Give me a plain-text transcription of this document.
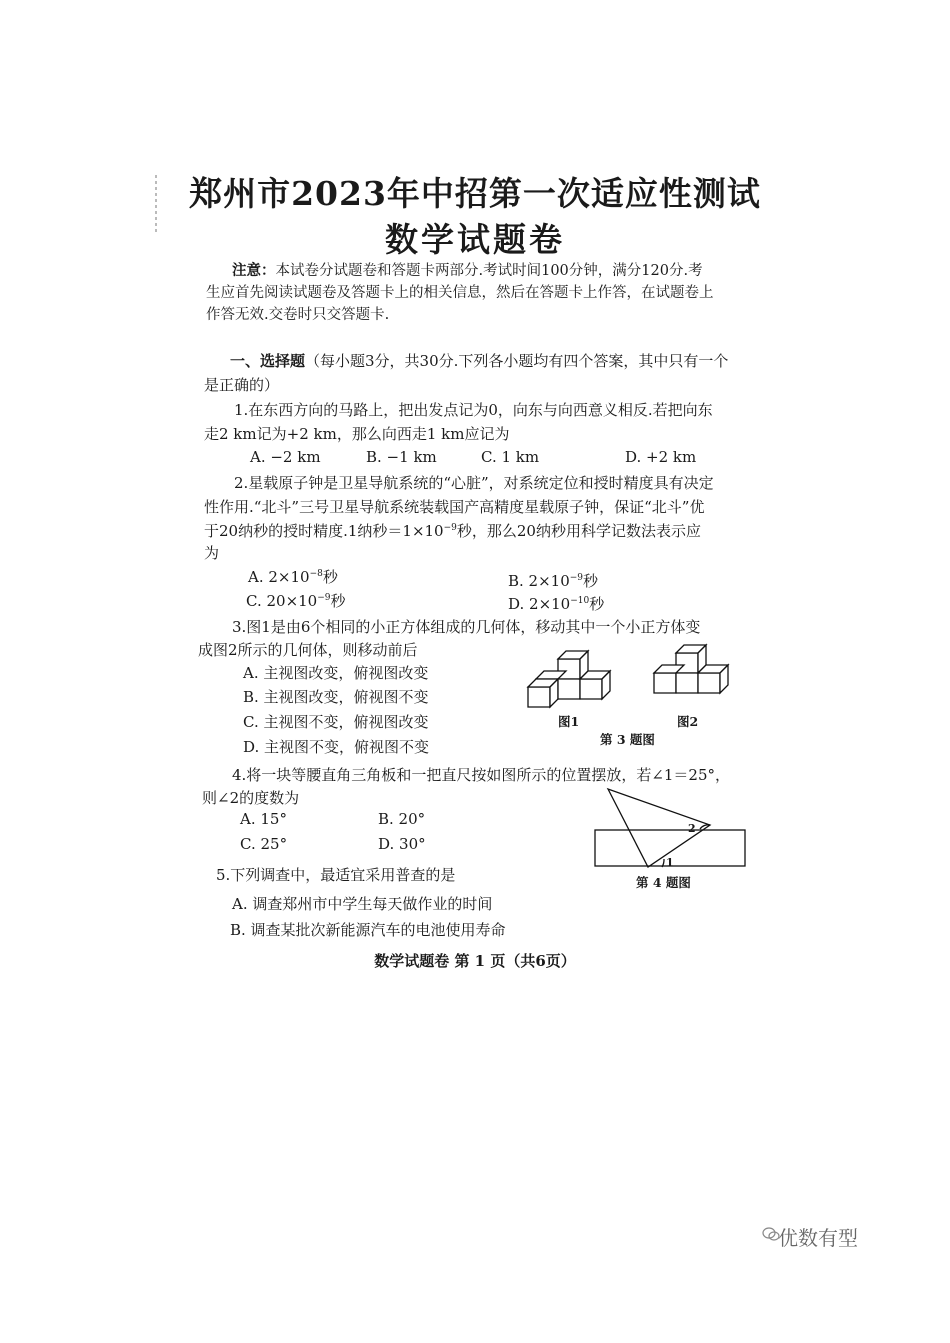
郑州市2023年中招第一次适应性测试
数学试题卷
注意：本试卷分试题卷和答题卡两部分.考试时间100分钟，满分120分.考
生应首先阅读试题卷及答题卡上的相关信息，然后在答题卡上作答，在试题卷上
作答无效.交卷时只交答题卡.
一、选择题（每小题3分，共30分.下列各小题均有四个答案，其中只有一个
是正确的）
1.在东西方向的马路上，把出发点记为0，向东与向西意义相反.若把向东
走2 km记为+2 km，那么向西走1 km应记为
A. −2 km	B. −1 km	C. 1 km	D. +2 km
2.星载原子钟是卫星导航系统的“心脏”，对系统定位和授时精度具有决定
性作用.“北斗”三号卫星导航系统装载国产高精度星载原子钟，保证“北斗”优
于20纳秒的授时精度.1纳秒$=1\times 10^{-9}$秒，那么20纳秒用科学记数法表示应
为
A. $2\times 10^{-8}$秒	B. $2\times 10^{-9}$秒
C. $20\times 10^{-9}$秒	D. $2\times 10^{-10}$秒
3.图1是由6个相同的小正方体组成的几何体，移动其中一个小正方体变
成图2所示的几何体，则移动前后
A. 主视图改变，俯视图改变
B. 主视图改变，俯视图不变
C. 主视图不变，俯视图改变
D. 主视图不变，俯视图不变
图1	图2
第 3 题图
4.将一块等腰直角三角板和一把直尺按如图所示的位置摆放，若∠1＝25°，
则∠2的度数为
A. 15°	B. 20°
C. 25°	D. 30°
2
1
第 4 题图
5.下列调查中，最适宜采用普查的是
A. 调查郑州市中学生每天做作业的时间
B. 调查某批次新能源汽车的电池使用寿命
数学试题卷 第 1 页（共6页）
优数有型
